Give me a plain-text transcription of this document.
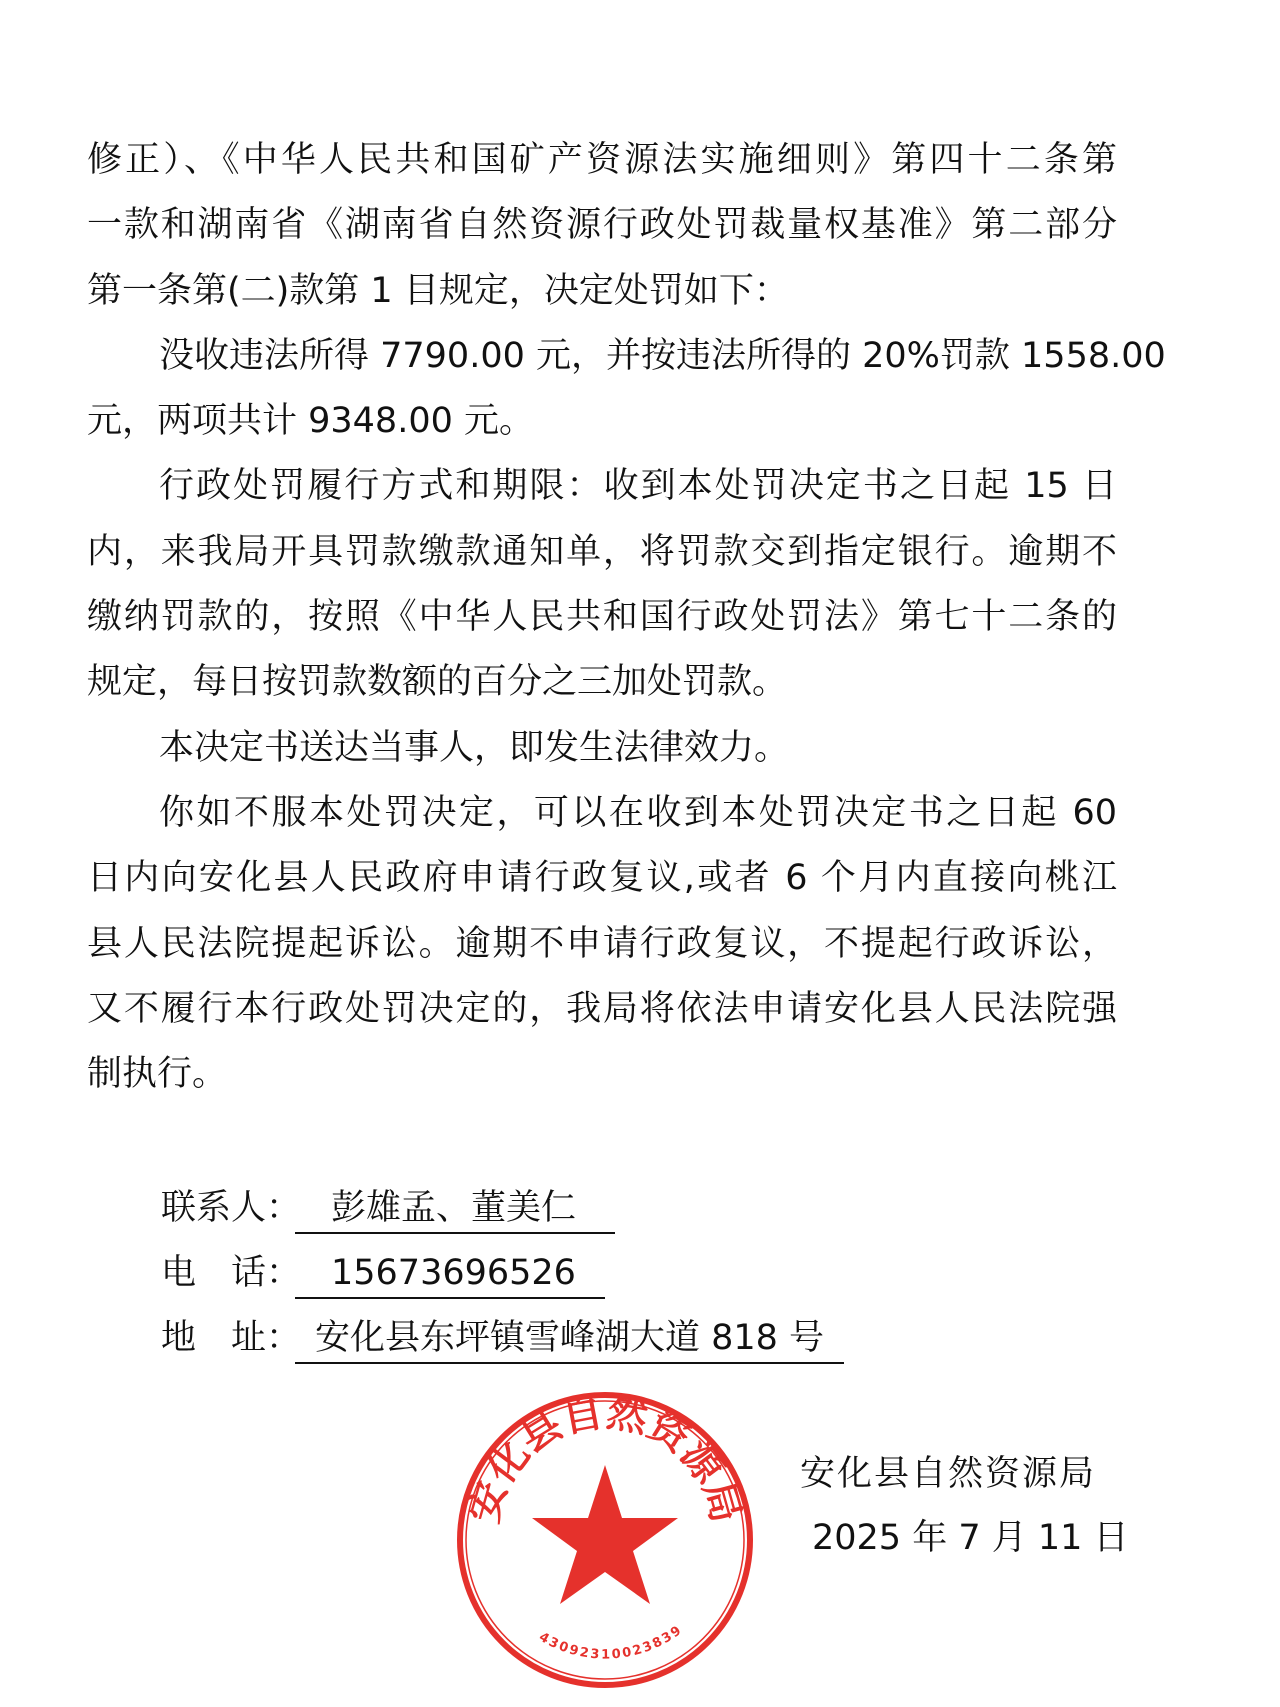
修正）、《中华人民共和国矿产资源法实施细则》第四十二条第
一款和湖南省《湖南省自然资源行政处罚裁量权基准》第二部分
第一条第(二)款第 1 目规定，决定处罚如下：
没收违法所得 7790.00 元，并按违法所得的 20%罚款 1558.00
元，两项共计 9348.00 元。
行政处罚履行方式和期限：收到本处罚决定书之日起 15 日
内，来我局开具罚款缴款通知单，将罚款交到指定银行。逾期不
缴纳罚款的，按照《中华人民共和国行政处罚法》第七十二条的
规定，每日按罚款数额的百分之三加处罚款。
本决定书送达当事人，即发生法律效力。
你如不服本处罚决定，可以在收到本处罚决定书之日起 60
日内向安化县人民政府申请行政复议,或者 6 个月内直接向桃江
县人民法院提起诉讼。逾期不申请行政复议，不提起行政诉讼，
又不履行本行政处罚决定的，我局将依法申请安化县人民法院强
制执行。
联系人： 彭雄孟、董美仁
电　话： 15673696526
地　址： 安化县东坪镇雪峰湖大道 818 号
安化县自然资源局
43092310023839
安化县自然资源局
2025 年 7 月 11 日
